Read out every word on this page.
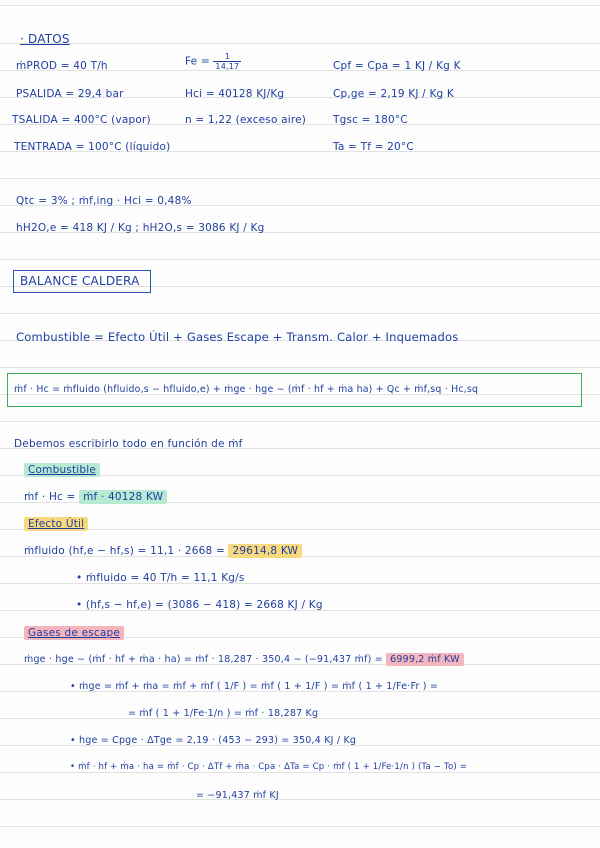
· DATOS
ṁPROD = 40 T/h
PSALIDA = 29,4 bar
TSALIDA = 400°C (vapor)
TENTRADA = 100°C (líquido)
$Fe = \frac{1}{14,17}$
Hci = 40128 KJ/Kg
n = 1,22 (exceso aire)
Cpf = Cpa = 1 KJ / Kg K
Cp,ge = 2,19 KJ / Kg K
Tgsc = 180°C
Ta = Tf = 20°C
Qtc = 3% ; ṁf,ing · Hci = 0,48%
hH2O,e = 418 KJ / Kg ; hH2O,s = 3086 KJ / Kg
BALANCE CALDERA
Combustible = Efecto Útil + Gases Escape + Transm. Calor + Inquemados
ṁf · Hc = ṁfluido (hfluido,s − hfluido,e) + ṁge · hge − (ṁf · hf + ṁa ha) + Qc + ṁf,sq · Hc,sq
Debemos escribirlo todo en función de ṁf
Combustible
ṁf · Hc = ṁf · 40128 KW
Efecto Útil
ṁfluido (hf,e − hf,s) = 11,1 · 2668 = 29614,8 KW
• ṁfluido = 40 T/h = 11,1 Kg/s
• (hf,s − hf,e) = (3086 − 418) = 2668 KJ / Kg
Gases de escape
ṁge · hge − (ṁf · hf + ṁa · ha) = ṁf · 18,287 · 350,4 − (−91,437 ṁf) = 6999,2 ṁf KW
• ṁge = ṁf + ṁa = ṁf + ṁf ( 1/F ) = ṁf ( 1 + 1/F ) = ṁf ( 1 + 1/Fe·Fr ) =
= ṁf ( 1 + 1/Fe·1/n ) = ṁf · 18,287 Kg
• hge = Cpge · ΔTge = 2,19 · (453 − 293) = 350,4 KJ / Kg
• ṁf · hf + ṁa · ha = ṁf · Cp · ΔTf + ṁa · Cpa · ΔTa = Cp · ṁf ( 1 + 1/Fe·1/n ) (Ta − To) =
= −91,437 ṁf KJ
